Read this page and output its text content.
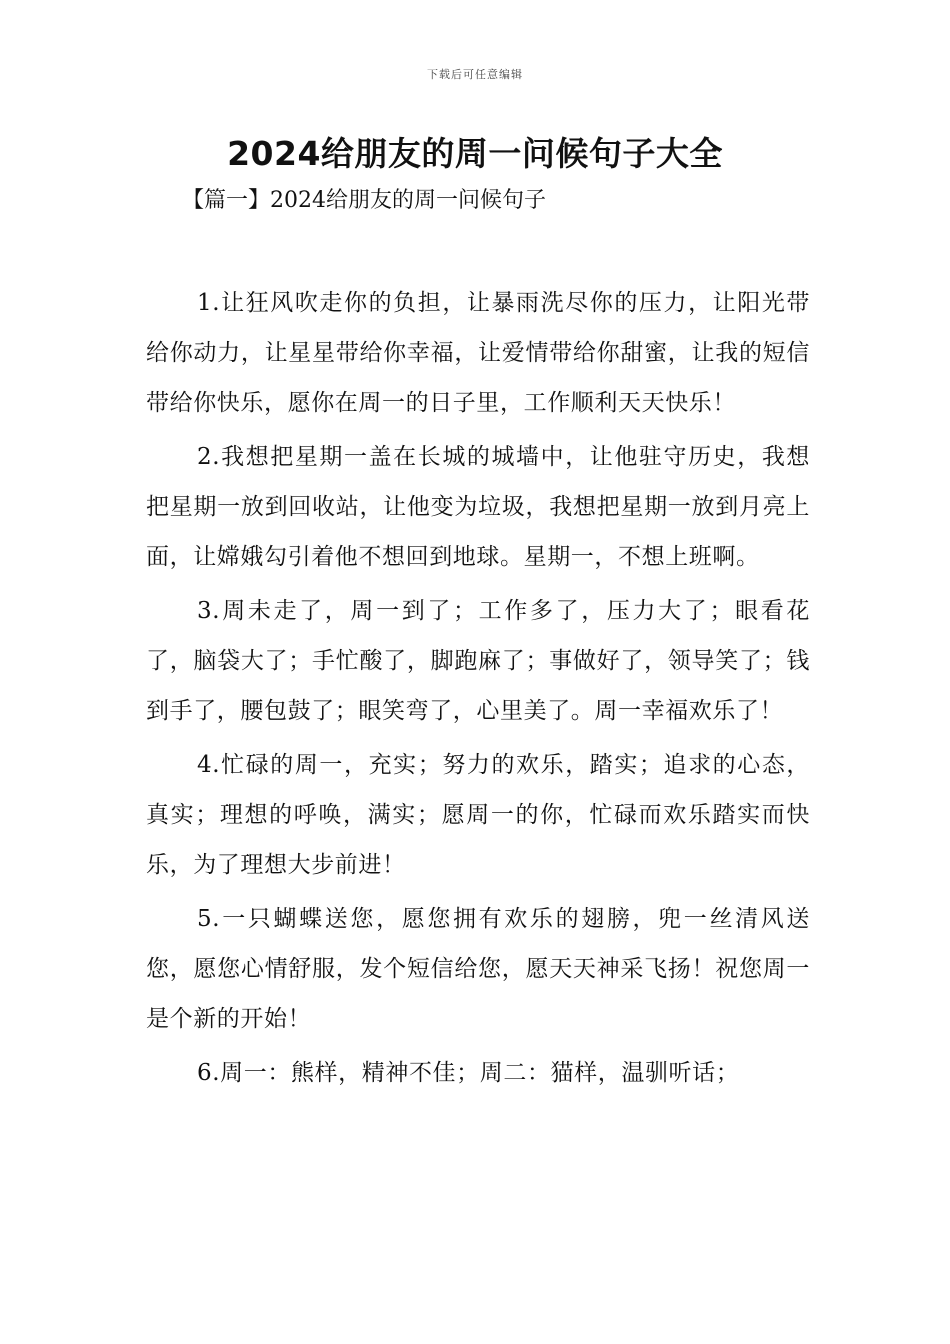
下载后可任意编辑
2024给朋友的周一问候句子大全
【篇一】2024给朋友的周一问候句子

1.让狂风吹走你的负担，让暴雨洗尽你的压力，让阳光带给你动力，让星星带给你幸福，让爱情带给你甜蜜，让我的短信带给你快乐，愿你在周一的日子里，工作顺利天天快乐！

2.我想把星期一盖在长城的城墙中，让他驻守历史，我想把星期一放到回收站，让他变为垃圾，我想把星期一放到月亮上面，让嫦娥勾引着他不想回到地球。星期一，不想上班啊。

3.周未走了，周一到了；工作多了，压力大了；眼看花了，脑袋大了；手忙酸了，脚跑麻了；事做好了，领导笑了；钱到手了，腰包鼓了；眼笑弯了，心里美了。周一幸福欢乐了！

4.忙碌的周一，充实；努力的欢乐，踏实；追求的心态，真实；理想的呼唤，满实；愿周一的你，忙碌而欢乐踏实而快乐，为了理想大步前进！

5.一只蝴蝶送您，愿您拥有欢乐的翅膀，兜一丝清风送您，愿您心情舒服，发个短信给您，愿天天神采飞扬！祝您周一是个新的开始！

6.周一：熊样，精神不佳；周二：猫样，温驯听话；
